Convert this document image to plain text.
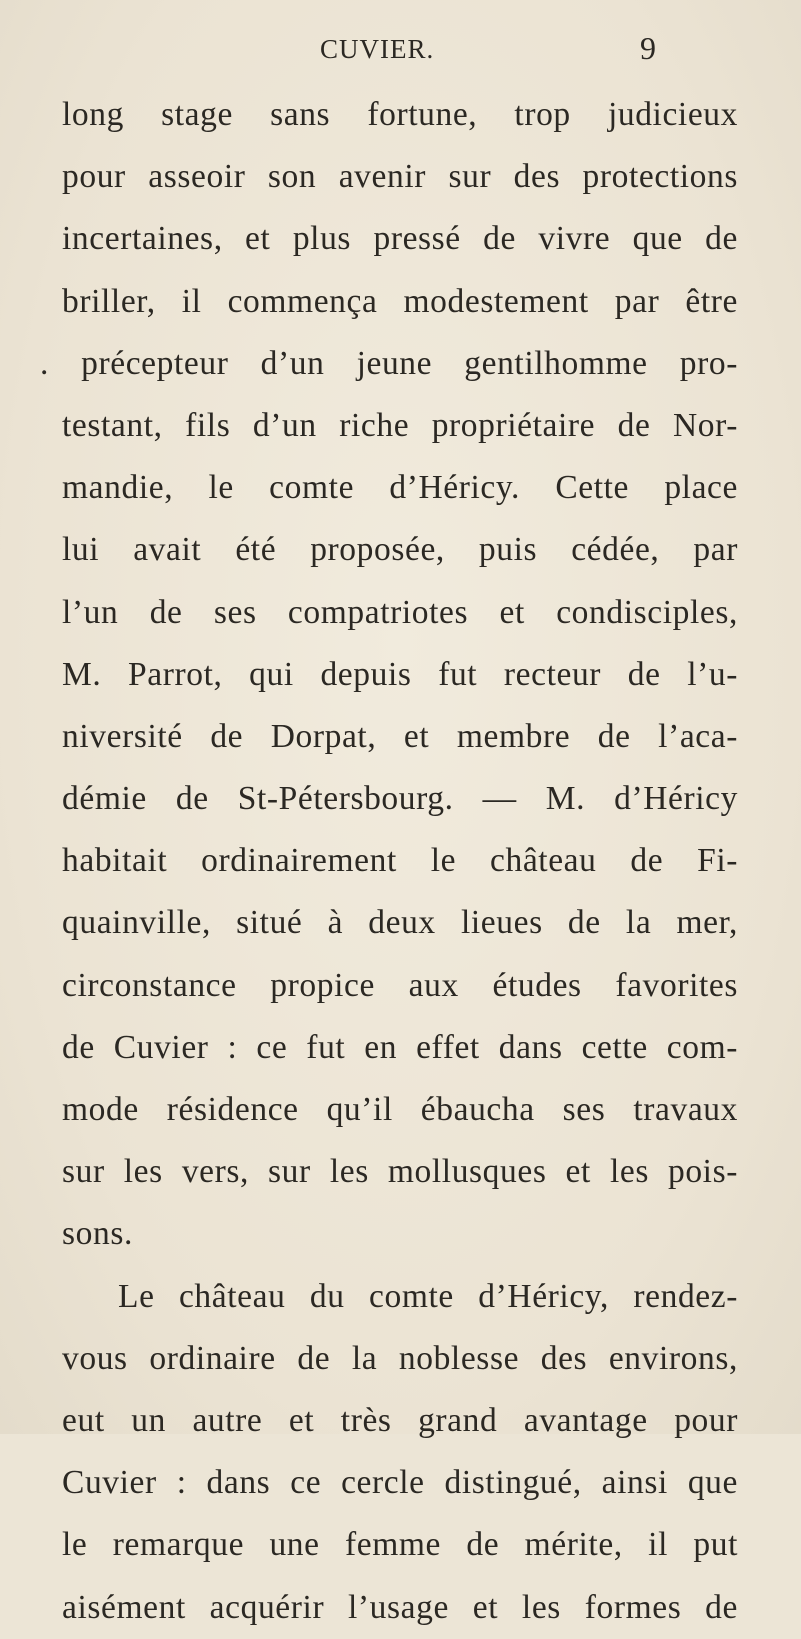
CUVIER.	9
long stage sans fortune, trop judicieux
pour asseoir son avenir sur des protections
incertaines, et plus pressé de vivre que de
briller, il commença modestement par être
. précepteur d’un jeune gentilhomme pro-
testant, fils d’un riche propriétaire de Nor-
mandie, le comte d’Héricy. Cette place
lui avait été proposée, puis cédée, par
l’un de ses compatriotes et condisciples,
M. Parrot, qui depuis fut recteur de l’u-
niversité de Dorpat, et membre de l’aca-
démie de St-Pétersbourg. — M. d’Héricy
habitait ordinairement le château de Fi-
quainville, situé à deux lieues de la mer,
circonstance propice aux études favorites
de Cuvier : ce fut en effet dans cette com-
mode résidence qu’il ébaucha ses travaux
sur les vers, sur les mollusques et les pois-
sons.
Le château du comte d’Héricy, rendez-
vous ordinaire de la noblesse des environs,
eut un autre et très grand avantage pour
Cuvier : dans ce cercle distingué, ainsi que
le remarque une femme de mérite, il put
aisément acquérir l’usage et les formes de
